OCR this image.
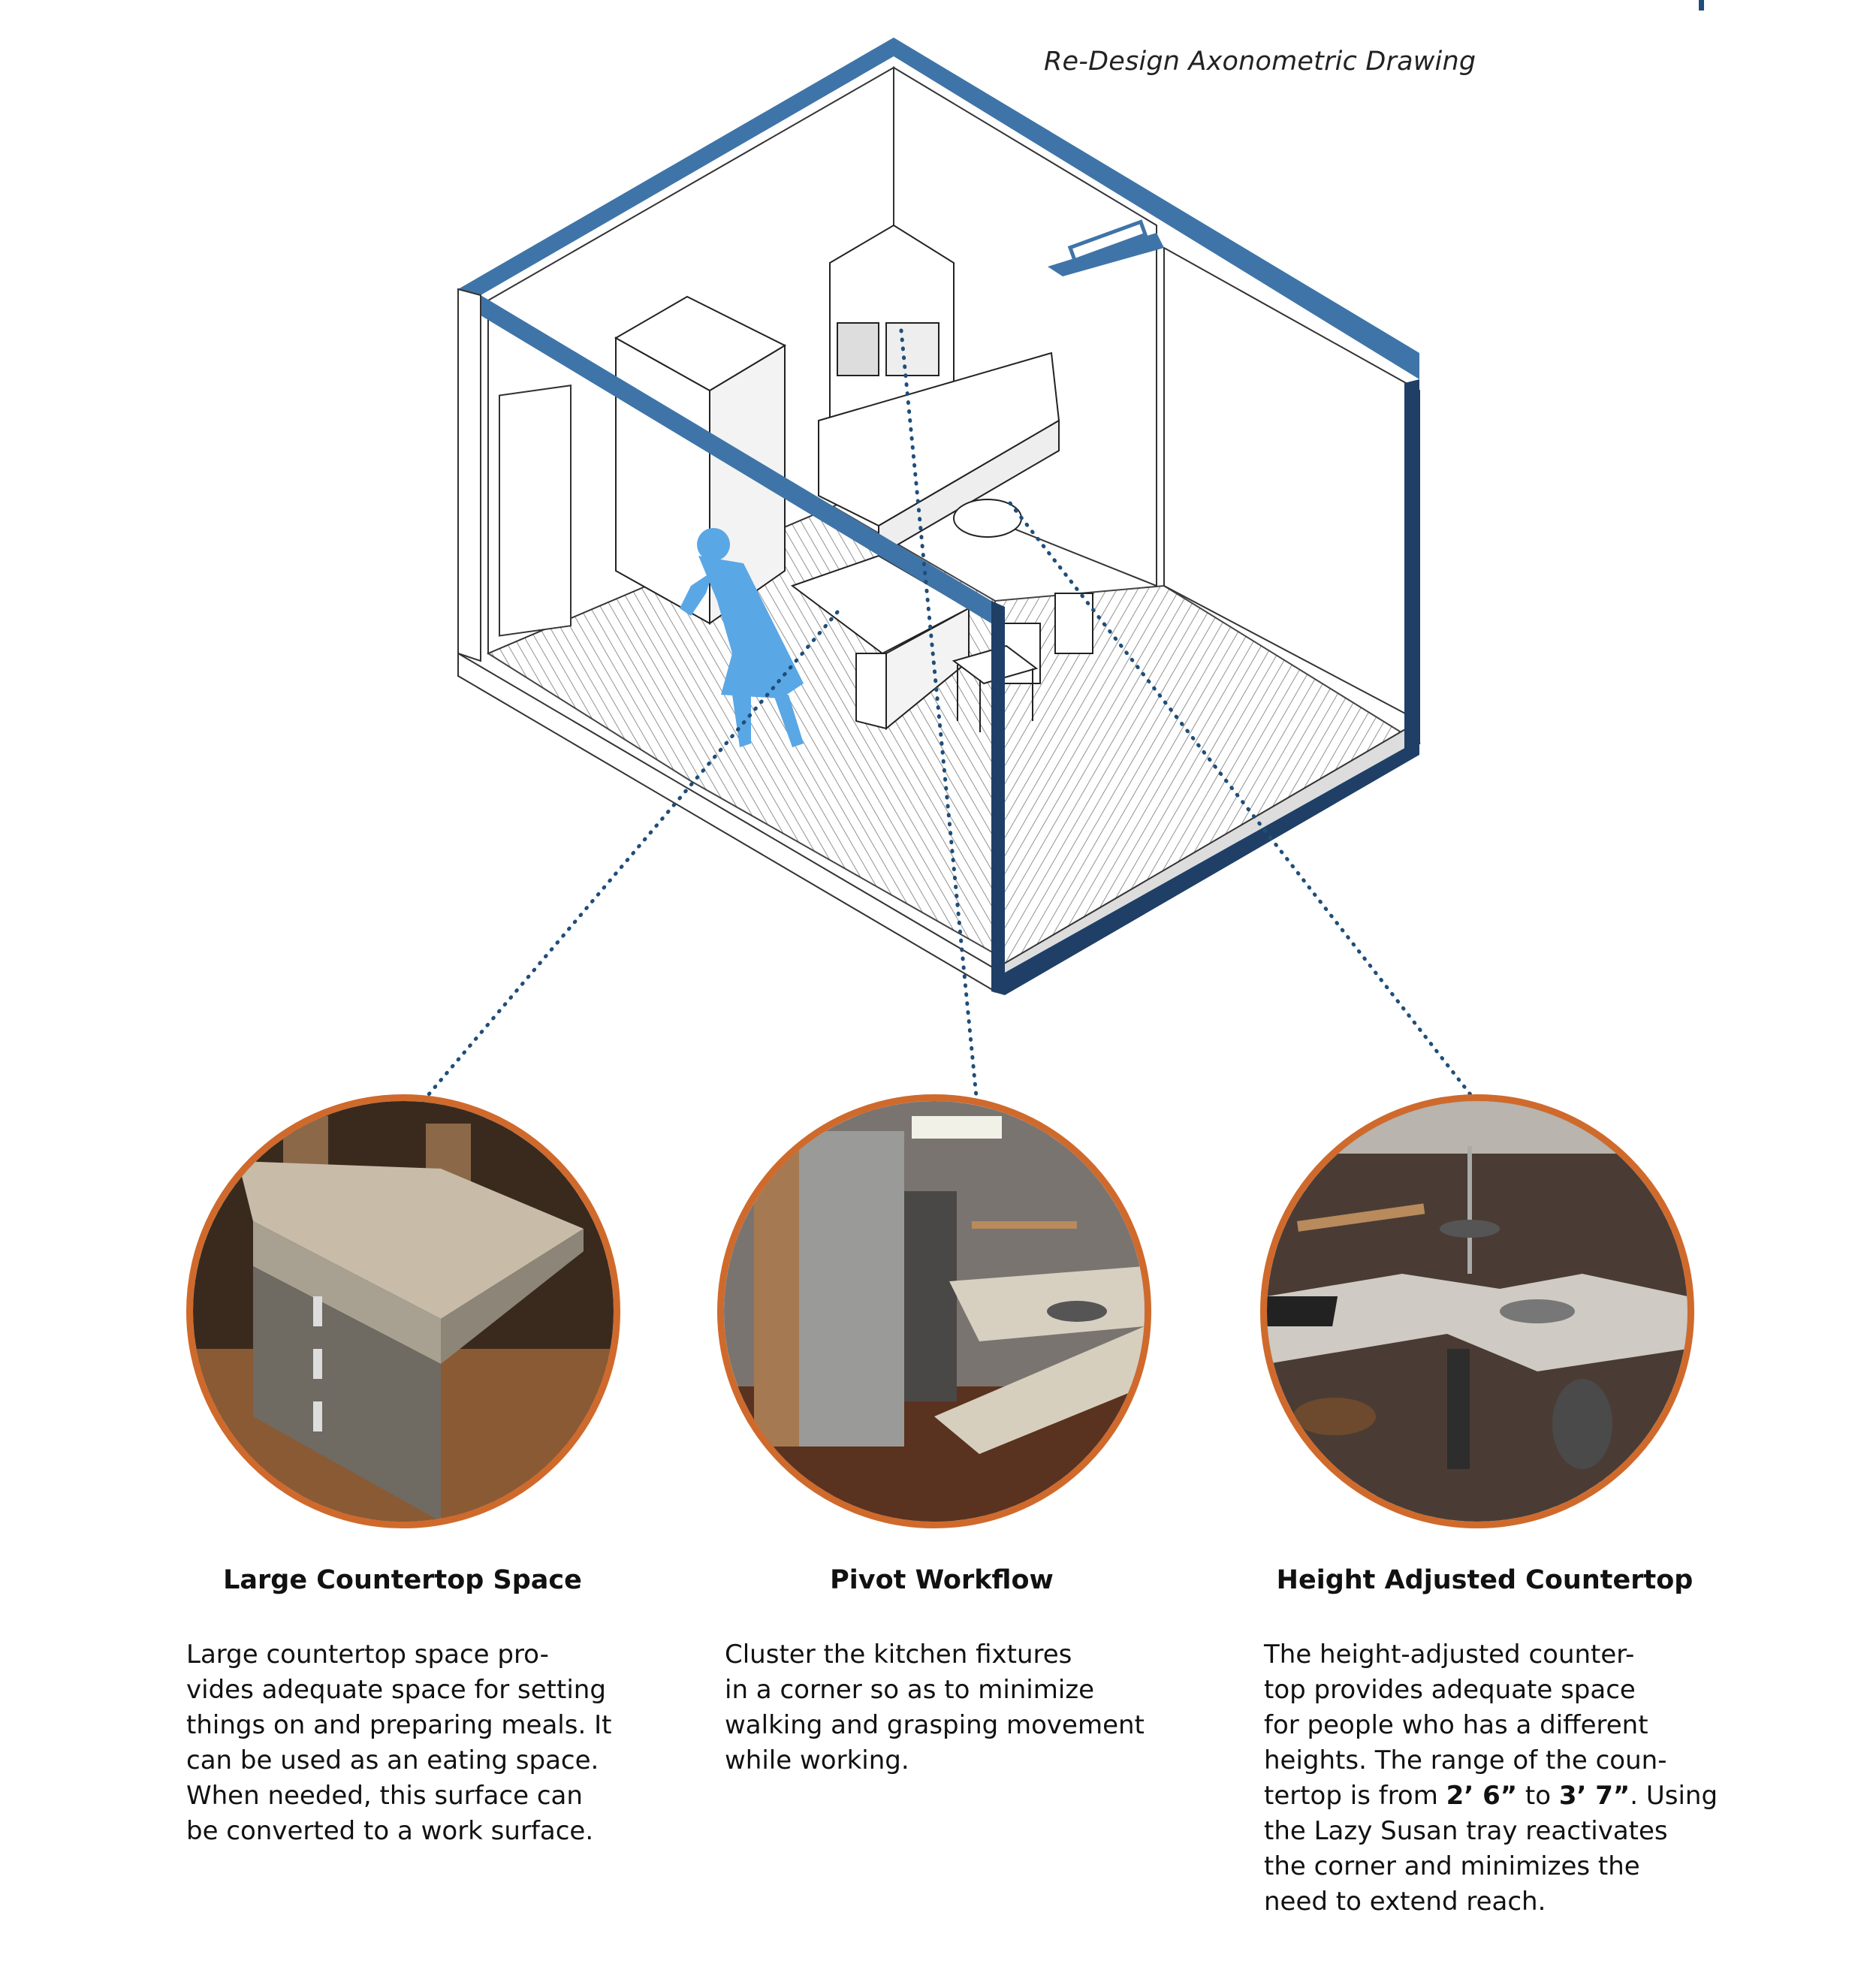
Re-Design Axonometric Drawing
Large Countertop Space	Pivot Workflow	Height Adjusted Countertop
Large countertop space pro-
vides adequate space for setting
things on and preparing meals. It
can be used as an eating space.
When needed, this surface can
be converted to a work surface.
Cluster the kitchen fixtures
in a corner so as to minimize
walking and grasping movement
while working.
The height-adjusted counter-
top provides adequate space
for people who has a different
heights. The range of the coun-
tertop is from 2’ 6” to 3’ 7”. Using
the Lazy Susan tray reactivates
the corner and minimizes the
need to extend reach.
